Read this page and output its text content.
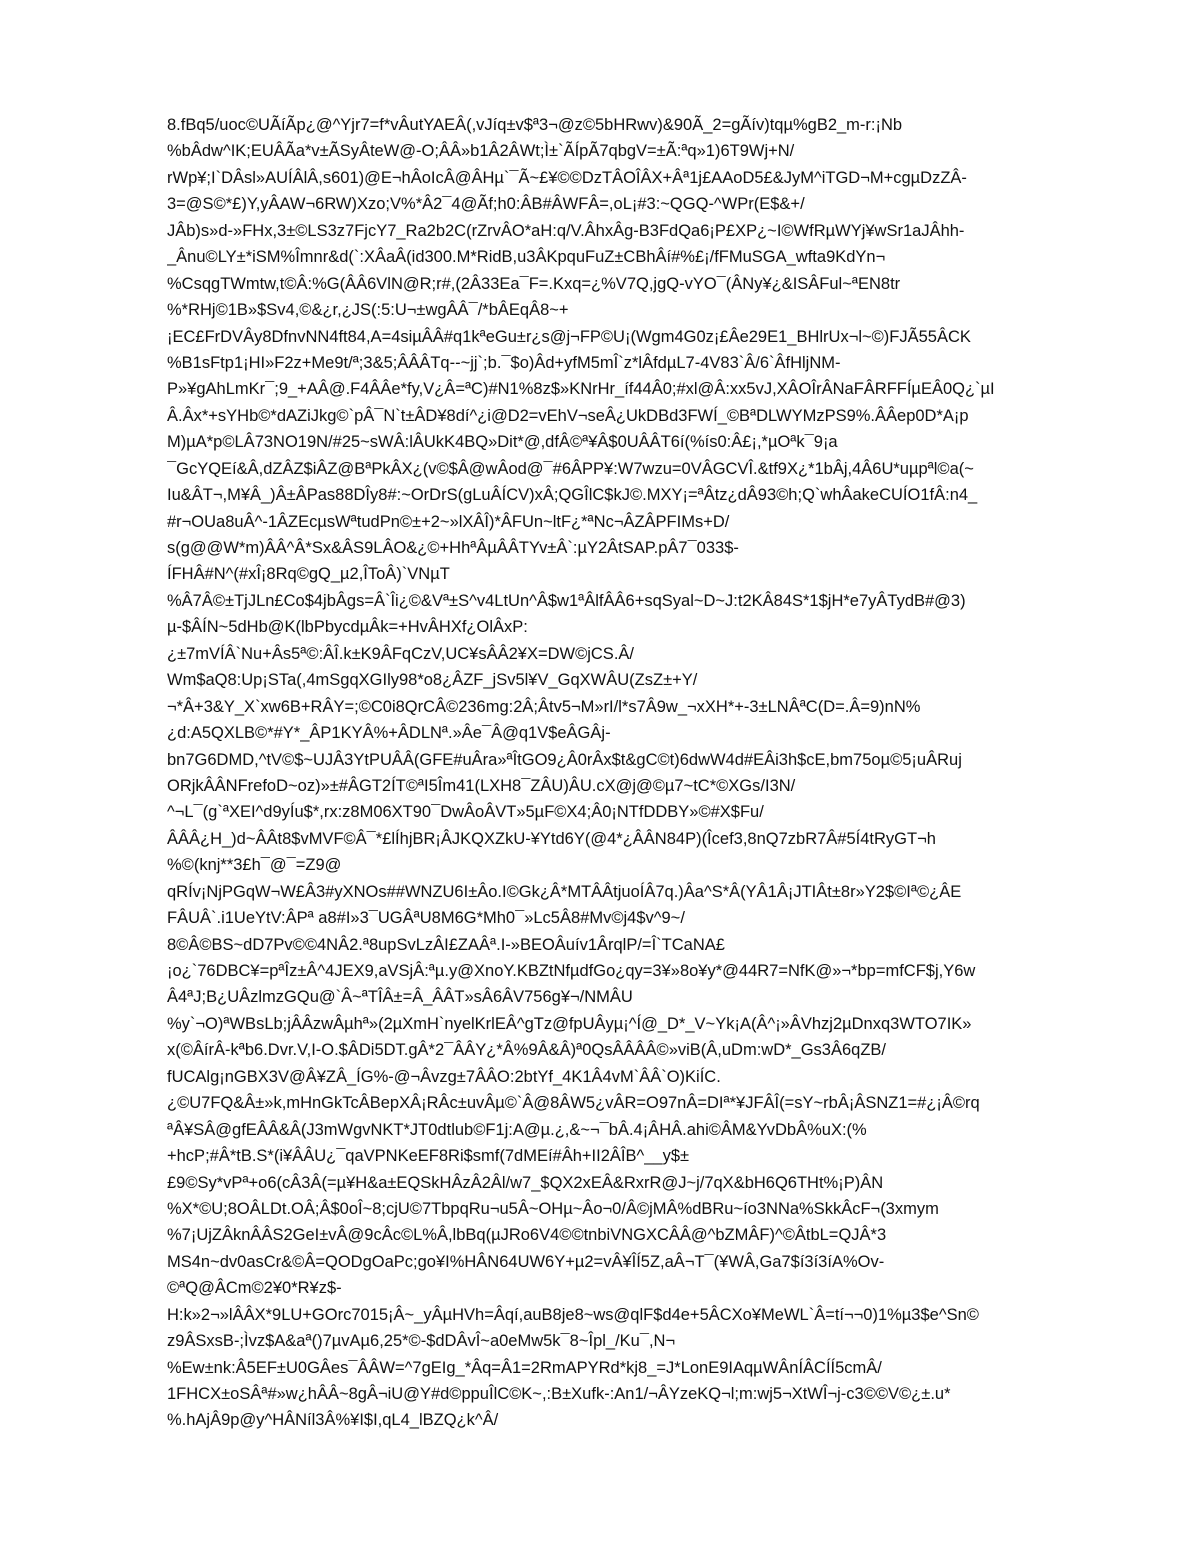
8.fBq5/uoc©UÃíÃp¿@^Yjr7=f*vÂutYAEÂ(,vJíq±v$ª3¬@z©5bHRwv)&90Ã_2=gÃív)tqµ%gB2_m-r:¡Nb
%bÂdw^IK;EUÂÃa*v±ÃSyÂteW@-O;ÂÂ»b1Â2ÂWt;Ì±`ÃÍpÃ7qbgV=±Ã:ªq»1)6T9Wj+N/
rWp¥;I`DÂsl»AUÍÂlÂ,s601)@E¬hÂoIcÂ@ÂHµ`¯Ã~£¥©©DzTÂOÎÂX+Âª1j£AAoD5£&JyM^iTGD¬M+cgµDzZÂ-
3=@S©*£)Y,yÂAW¬6RW)Xzo;V%*Â2¯4@Ãf;h0:ÂB#ÂWFÂ=,oL¡#3:~QGQ-^WPr(E$&+/
JÂb)s»d-»FHx,3±©LS3z7FjcY7_Ra2b2C(rZrvÂO*aH:q/V.ÂhxÂg-B3FdQa6¡P£XP¿~I©WfRµWYj¥wSr1aJÂhh-
_Ânu©LY±*iSM%Îmnr&d(`:XÂaÂ(id300.M*RidB,u3ÂKpquFuZ±CBhÂí#%£¡/fFMuSGA_wfta9KdYn¬
%CsqgTWmtw,t©Â:%G(ÂÂ6VlN@R;r#,(2Â33Ea¯F=.Kxq=¿%V7Q,jgQ-vYO¯(ÂNy¥¿&ISÂFul~ªEN8tr
%*RHj©1B»$Sv4,©&¿r,¿JS(:5:U¬±wgÂÂ¯/*bÂEqÂ8~+
¡EC£FrDVÂy8DfnvNN4ft84,A=4siµÂÂ#q1kªeGu±r¿s@j¬FP©U¡(Wgm4G0z¡£Âe29E1_BHlrUx¬l~©)FJÃ55ÂCK
%B1sFtp1¡HI»F2z+Me9t/ª;3&5;ÂÂÂTq--~jj`;b.¯$o)Âd+yfM5mÎ`z*lÂfdµL7-4V83`Â/6`ÂfHljNM-
P»¥gAhLmKr¯;9_+AÂ@.F4ÂÂe*fy,V¿Â=ªC)#N1%8z$»KNrHr_íf44Â0;#xl@Â:xx5vJ,XÂOÎrÂNaFÂRFFÍµEÂ0Q¿`µI
Â.Âx*+sYHb©*dAZiJkg©`pÂ¯N`t±ÂD¥8dí^¿i@D2=vEhV¬seÂ¿UkDBd3FWÍ_©BªDLWYMzPS9%.ÂÂep0D*A¡p
M)µA*p©LÂ73NO19N/#25~sWÂ:lÂUkK4BQ»Dit*@,dfÂ©ª¥Â$0UÂÂT6í(%ís0:Â£¡,*µOªk¯9¡a
¯GcYQEí&Â,dZÂZ$iÂZ@BªPkÂX¿(v©$Â@wÂod@¯#6ÂPP¥:W7wzu=0VÂGCVÎ.&tf9X¿*1bÂj,4Â6U*uµpªl©a(~
Iu&ÂT¬,M¥Â_)Â±ÂPas88DÎy8#:~OrDrS(gLuÂÍCV)xÂ;QGÎlC$kJ©.MXY¡=ªÂtz¿dÂ93©h;Q`whÂakeCUÍO1fÂ:n4_
#r¬OUa8uÂ^-1ÂZEcµsWªtudPn©±+2~»lXÂÎ)*ÂFUn~ltF¿*ªNc¬ÂZÂPFIMs+D/
s(g@@W*m)ÂÂ^Â*Sx&ÂS9LÂO&¿©+HhªÂµÂÂTYv±Â`:µY2ÂtSAP.pÂ7¯033$-
ÍFHÂ#N^(#xÎ¡8Rq©gQ_µ2,ÎToÂ)`VNµT
%Â7Â©±TjJLn£Co$4jbÂgs=Â`Îi¿©&Vª±S^v4LtUn^Â$w1ªÂlfÂÂ6+sqSyal~D~J:t2KÂ84S*1$jH*e7yÂTydB#@3)
µ-$ÂÍN~5dHb@K(lbPbycdµÂk=+HvÂHXf¿OlÂxP:
¿±7mVÍÂ`Nu+Âs5ª©:ÂÎ.k±K9ÂFqCzV,UC¥sÂÂ2¥X=DW©jCS.Â/
Wm$aQ8:Up¡STa(,4mSgqXGIly98*o8¿ÂZF_jSv5l¥V_GqXWÂU(ZsZ±+Y/
¬*Â+3&Y_X`xw6B+RÂY=;©C0i8QrCÂ©236mg:2Â;Âtv5¬M»rI/l*s7Â9w_¬xXH*+-3±LNÂªC(D=.Â=9)nN%
¿d:A5QXLB©*#Y*_ÂP1KYÂ%+ÂDLNª.»Âe¯Â@q1V$eÂGÂj-
bn7G6DMD,^tV©$~UJÂ3YtPUÂÂ(GFE#uÂra»ªÎtGO9¿Â0rÂx$t&gC©t)6dwW4d#EÂi3h$cE,bm75oµ©5¡uÂRuj
ORjkÂÂNFrefoD~oz)»±#ÂGT2ÍT©ªI5Îm41(LXH8¯ZÂU)ÂU.cX@j@©µ7~tC*©XGs/I3N/
^¬L¯(g`ªXEI^d9yÍu$*,rx:z8M06XT90¯DwÂoÂVT»5µF©X4;Â0¡NTfDDBY»©#X$Fu/
ÂÂÂ¿H_)d~ÂÂt8$vMVF©Â¯*£lÍhjBR¡ÂJKQXZkU-¥Ytd6Y(@4*¿ÂÂN84P)(Îcef3,8nQ7zbR7Â#5Í4tRyGT¬h
%©(knj**3£h¯@¯=Z9@
qRÍv¡NjPGqW¬W£Â3#yXNOs##WNZU6I±Âo.I©Gk¿Â*MTÂÂtjuoÍÂ7q.)Âa^S*Â(YÂ1Â¡JTIÂt±8r»Y2$©Iª©¿ÂE
FÂUÂ`.i1UeYtV:ÂPª a8#I»3¯UGÂªU8M6G*Mh0¯»Lc5Â8#Mv©j4$v^9~/
8©Â©BS~dD7Pv©©4NÂ2.ª8upSvLzÂI£ZAÂª.I-»BEOÂuív1ÂrqlP/=Î`TCaNA£
¡o¿`76DBC¥=pªÎz±Â^4JEX9,aVSjÂ:ªµ.y@XnoY.KBZtNfµdfGo¿qy=3¥»8o¥y*@44R7=NfK@»¬*bp=mfCF$j,Y6w
Â4ªJ;B¿UÂzlmzGQu@`Â~ªTÎÂ±=Â_ÂÂT»sÂ6ÂV756g¥¬/NMÂU
%y`¬O)ªWBsLb;jÂÂzwÂµhª»(2µXmH`nyelKrlEÂ^gTz@fpUÂyµ¡^Í@_D*_V~Yk¡A(Â^¡»ÂVhzj2µDnxq3WTO7IK»
x(©ÂírÂ-kªb6.Dvr.V,I-O.$ÂDi5DT.gÂ*2¯ÂÂY¿*Â%9Â&Â)ª0QsÂÂÂÂ©»viB(Â,uDm:wD*_Gs3Â6qZB/
fUCAlg¡nGBX3V@Â¥ZÂ_ÍG%-@¬Âvzg±7ÂÂO:2btYf_4K1Â4vM`ÂÂ`O)KiÍC.
¿©U7FQ&Â±»k,mHnGkTcÂBepXÂ¡RÂc±uvÂµ©`Â@8ÂW5¿vÂR=O97nÂ=DIª*¥JFÂÎ(=sY~rbÂ¡ÂSNZ1=#¿¡Â©rq
ªÂ¥SÂ@gfEÂÂ&Â(J3mWgvNKT*JT0dtlub©F1j:A@µ.¿,&~¬¯bÂ.4¡ÂHÂ.ahi©ÂM&YvDbÂ%uX:(%
+hcP;#Â*tB.S*(i¥ÂÂU¿¯qaVPNKeEF8Ri$smf(7dMEí#Âh+II2ÂÎB^__y$±
£9©Sy*vPª+o6(cÂ3Â(=µ¥H&a±EQSkHÂzÂ2Âl/w7_$QX2xEÂ&RxrR@J~j/7qX&bH6Q6THt%¡P)ÂN
%X*©U;8OÂLDt.OÂ;Â$0oÎ~8;cjU©7TbpqRu¬u5Â~OHµ~Âo¬0/Â©jMÂ%dBRu~ío3NNa%SkkÂcF¬(3xmym
%7¡UjZÂknÂÂS2GeI±vÂ@9cÂc©L%Â,lbBq(µJRo6V4©©tnbiVNGXCÂÂ@^bZMÂF)^©ÂtbL=QJÂ*3
MS4n~dv0asCr&©Â=QODgOaPc;go¥I%HÂN64UW6Y+µ2=vÂ¥ÎÍ5Z,aÂ¬T¯(¥WÂ,Ga7$í3í3íA%Ov-
©ªQ@ÂCm©2¥0*R¥z$-
H:k»2¬»lÂÂX*9LU+GOrc7015¡Â~_yÂµHVh=Âqí,auB8je8~ws@qlF$d4e+5ÂCXo¥MeWL`Â=tí¬¬0)1%µ3$e^Sn©
z9ÂSxsB-;Ìvz$A&aª()7µvAµ6,25*©-$dDÂvÎ~a0eMw5k¯8~Îpl_/Ku¯,N¬
%Ew±nk:Â5EF±U0GÂes¯ÂÂW=^7gEIg_*Âq=Â1=2RmAPYRd*kj8_=J*LonE9IAqµWÂnÍÂCÍÍ5cmÂ/
1FHCX±oSÂª#»w¿hÂÂ~8gÂ¬iU@Y#d©ppuÎlC©K~,:B±Xufk-:An1/¬ÂYzeKQ¬l;m:wj5¬XtWÎ¬j-c3©©V©¿±.u*
%.hAjÂ9p@y^HÂNíl3Â%¥I$I,qL4_lBZQ¿k^Â/
